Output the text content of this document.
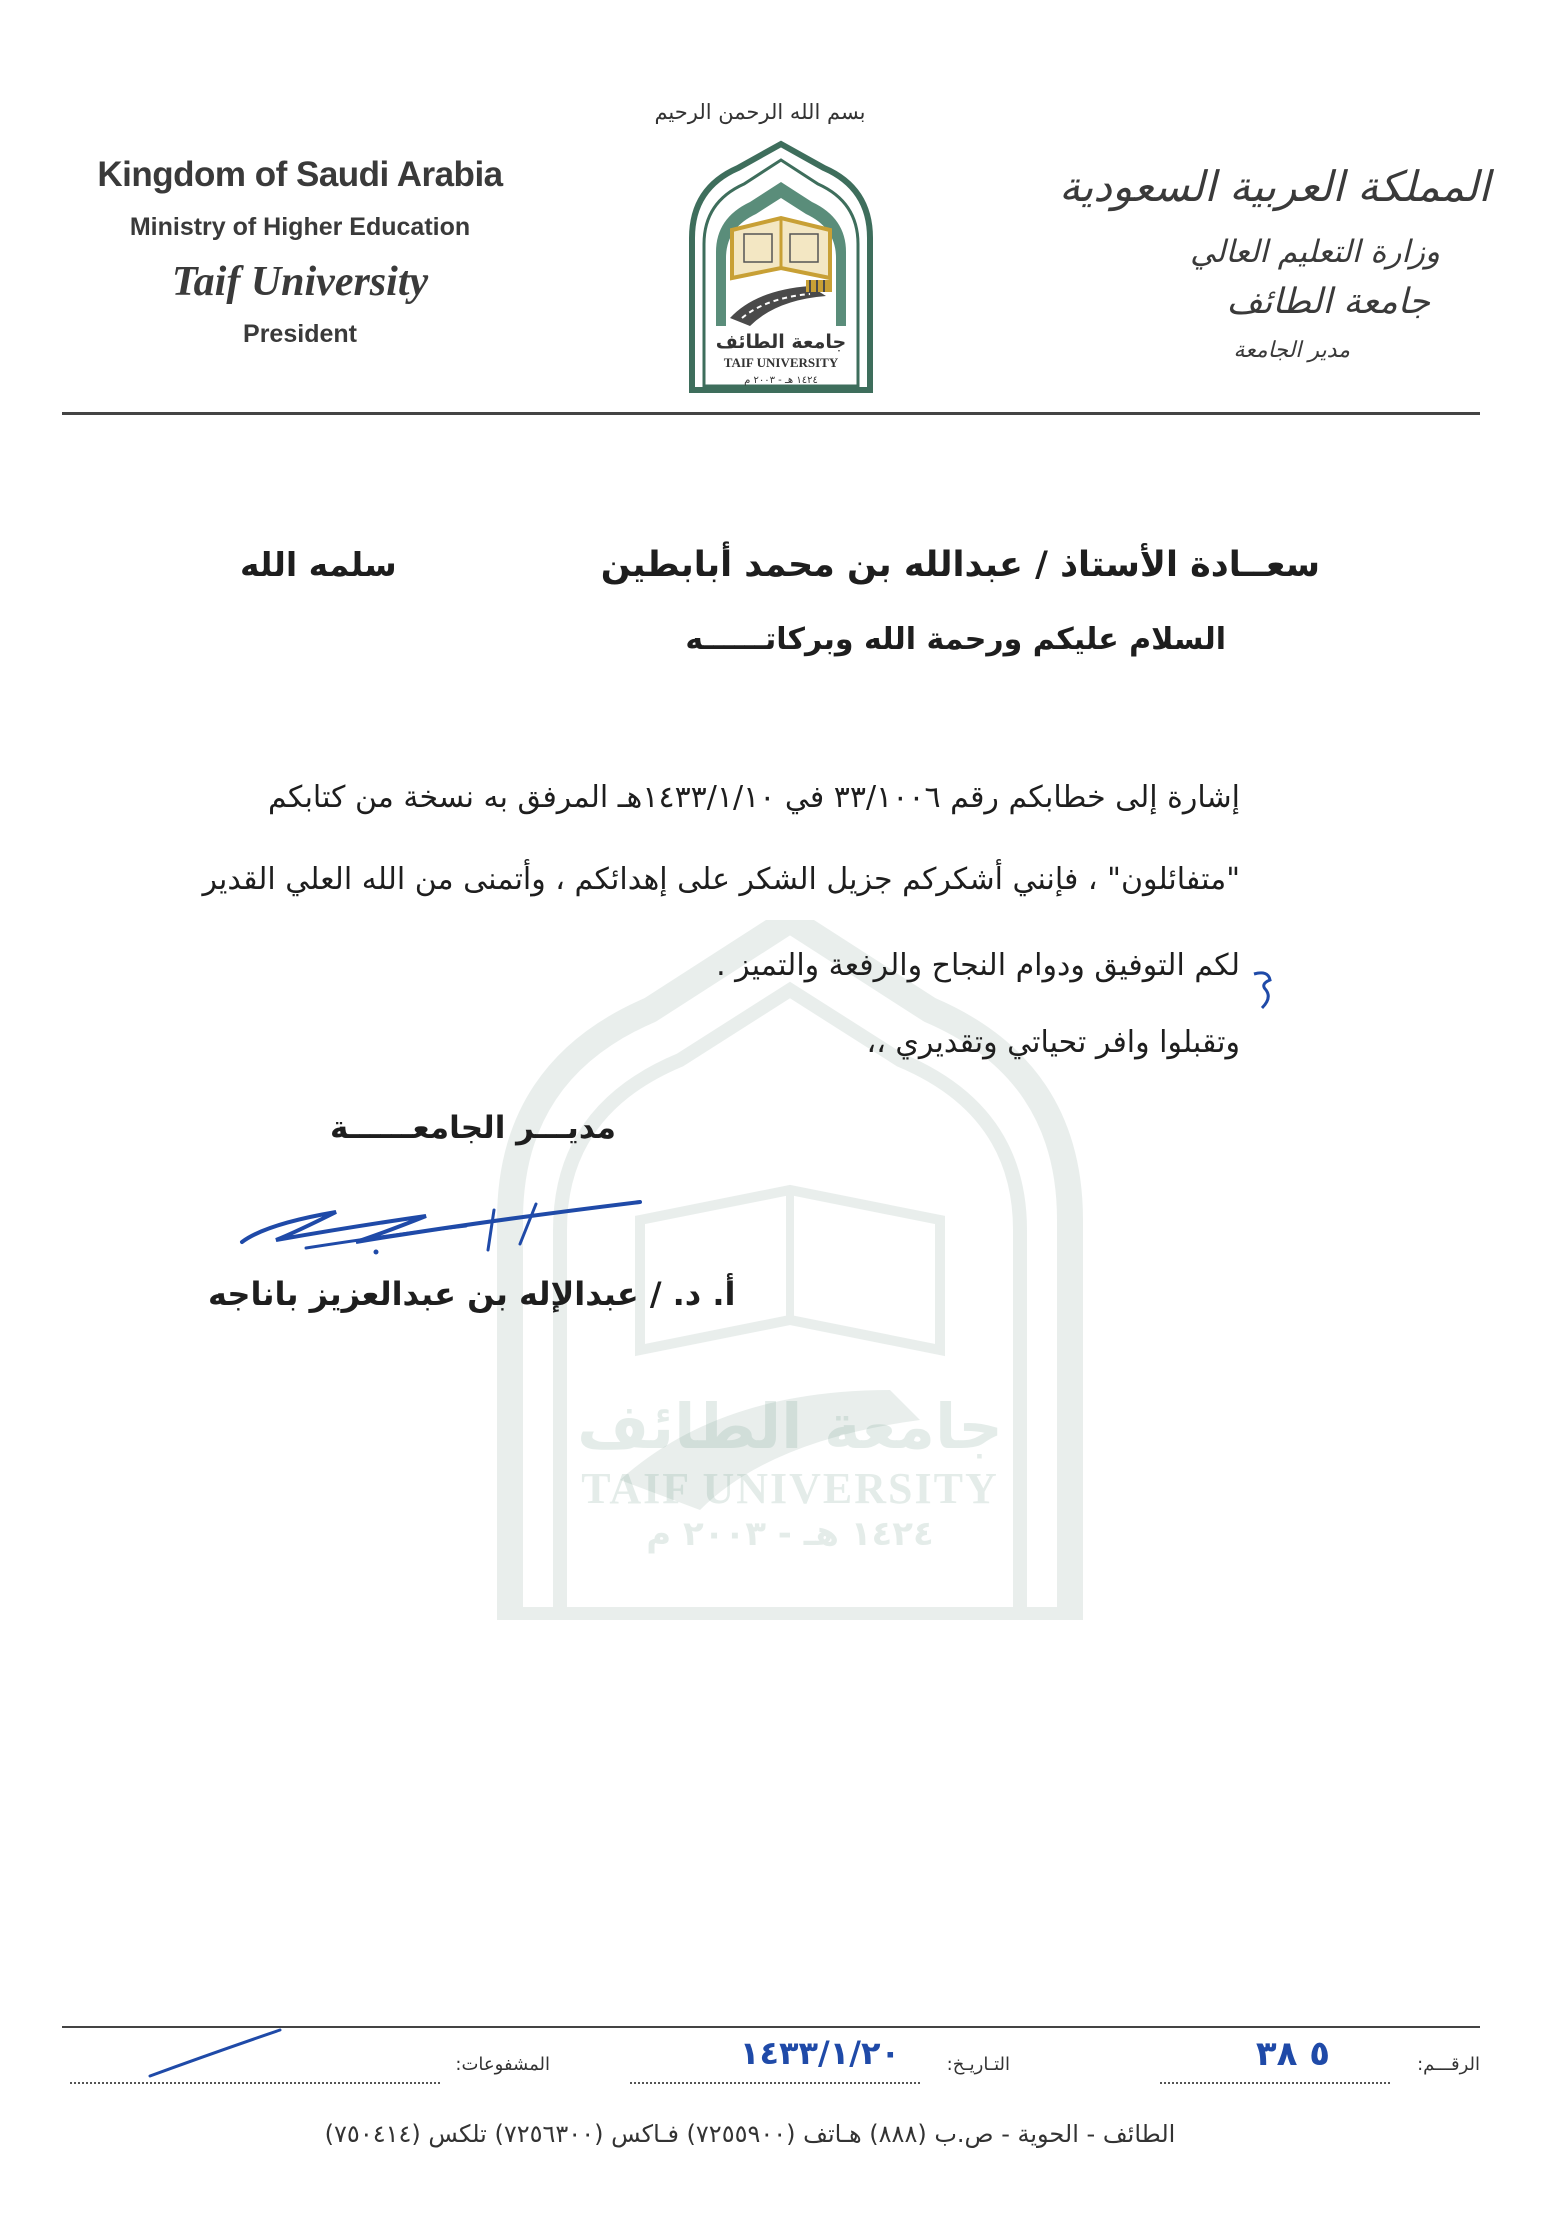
جامعة الطائف
TAIF UNIVERSITY
١٤٢٤ هـ - ٢٠٠٣ م
Kingdom of Saudi Arabia
Ministry of Higher Education
Taif University
President
بسم الله الرحمن الرحيم
جامعة الطائف
TAIF UNIVERSITY
١٤٢٤ هـ - ٢٠٠٣ م
المملكة العربية السعودية
وزارة التعليم العالي
جامعة الطائف
مدير الجامعة
سعــادة الأستاذ / عبدالله بن محمد أبابطين
سلمه الله
السلام عليكم ورحمة الله وبركاتــــــه
إشارة إلى خطابكم رقم ٣٣/١٠٠٦ في ١٤٣٣/١/١٠هـ المرفق به نسخة من كتابكم
"متفائلون" ، فإنني أشكركم جزيل الشكر على إهدائكم ، وأتمنى من الله العلي القدير
لكم التوفيق ودوام النجاح والرفعة والتميز .
وتقبلوا وافر تحياتي وتقديري ،،
مديـــر الجامعــــــة
أ. د. / عبدالإله بن عبدالعزيز باناجه
الرقـــم:
٥ ٣٨
التـاريـخ:
١٤٣٣/١/٢٠
المشفوعات:
الطائف - الحوية - ص.ب (٨٨٨) هـاتف (٧٢٥٥٩٠٠) فـاكس (٧٢٥٦٣٠٠) تلكس (٧٥٠٤١٤)
